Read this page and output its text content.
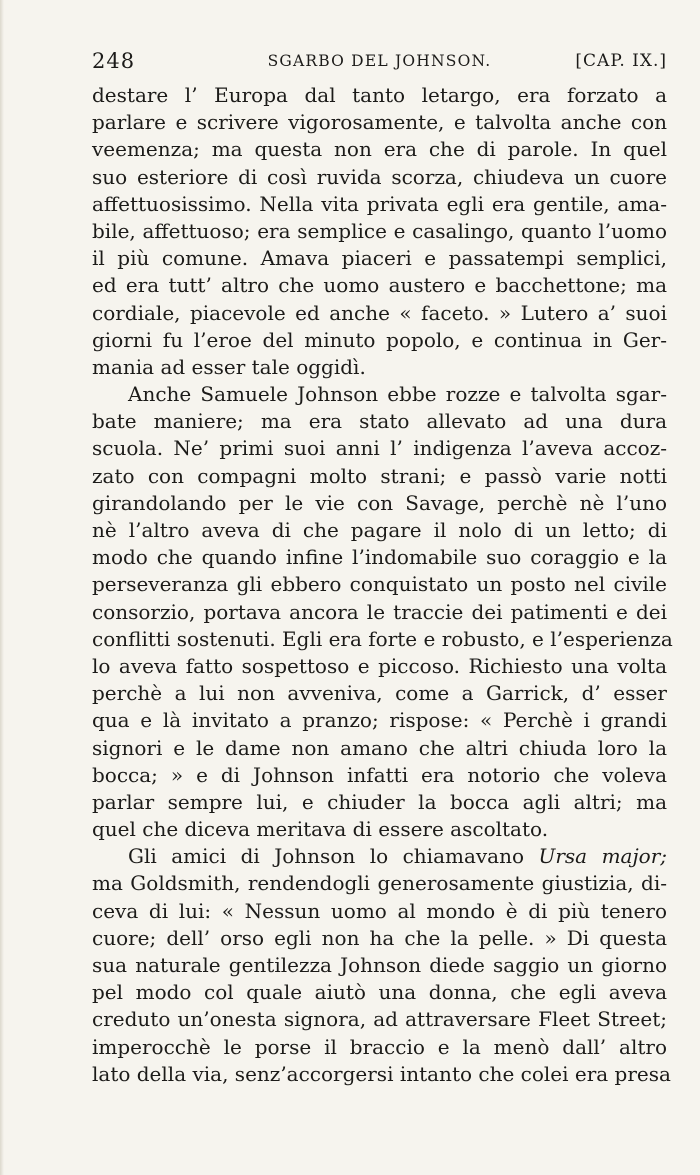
248	SGARBO DEL JOHNSON.	[CAP. IX.]
destare l’ Europa dal tanto letargo, era forzato a
parlare e scrivere vigorosamente, e talvolta anche con
veemenza; ma questa non era che di parole. In quel
suo esteriore di così ruvida scorza, chiudeva un cuore
affettuosissimo. Nella vita privata egli era gentile, ama-
bile, affettuoso; era semplice e casalingo, quanto l’uomo
il più comune. Amava piaceri e passatempi semplici,
ed era tutt’ altro che uomo austero e bacchettone; ma
cordiale, piacevole ed anche « faceto. » Lutero a’ suoi
giorni fu l’eroe del minuto popolo, e continua in Ger-
mania ad esser tale oggidì.
Anche Samuele Johnson ebbe rozze e talvolta sgar-
bate maniere; ma era stato allevato ad una dura
scuola. Ne’ primi suoi anni l’ indigenza l’aveva accoz-
zato con compagni molto strani; e passò varie notti
girandolando per le vie con Savage, perchè nè l’uno
nè l’altro aveva di che pagare il nolo di un letto; di
modo che quando infine l’indomabile suo coraggio e la
perseveranza gli ebbero conquistato un posto nel civile
consorzio, portava ancora le traccie dei patimenti e dei
conflitti sostenuti. Egli era forte e robusto, e l’esperienza
lo aveva fatto sospettoso e piccoso. Richiesto una volta
perchè a lui non avveniva, come a Garrick, d’ esser
qua e là invitato a pranzo; rispose: « Perchè i grandi
signori e le dame non amano che altri chiuda loro la
bocca; » e di Johnson infatti era notorio che voleva
parlar sempre lui, e chiuder la bocca agli altri; ma
quel che diceva meritava di essere ascoltato.
Gli amici di Johnson lo chiamavano Ursa major;
ma Goldsmith, rendendogli generosamente giustizia, di-
ceva di lui: « Nessun uomo al mondo è di più tenero
cuore; dell’ orso egli non ha che la pelle. » Di questa
sua naturale gentilezza Johnson diede saggio un giorno
pel modo col quale aiutò una donna, che egli aveva
creduto un’onesta signora, ad attraversare Fleet Street;
imperocchè le porse il braccio e la menò dall’ altro
lato della via, senz’accorgersi intanto che colei era presa
